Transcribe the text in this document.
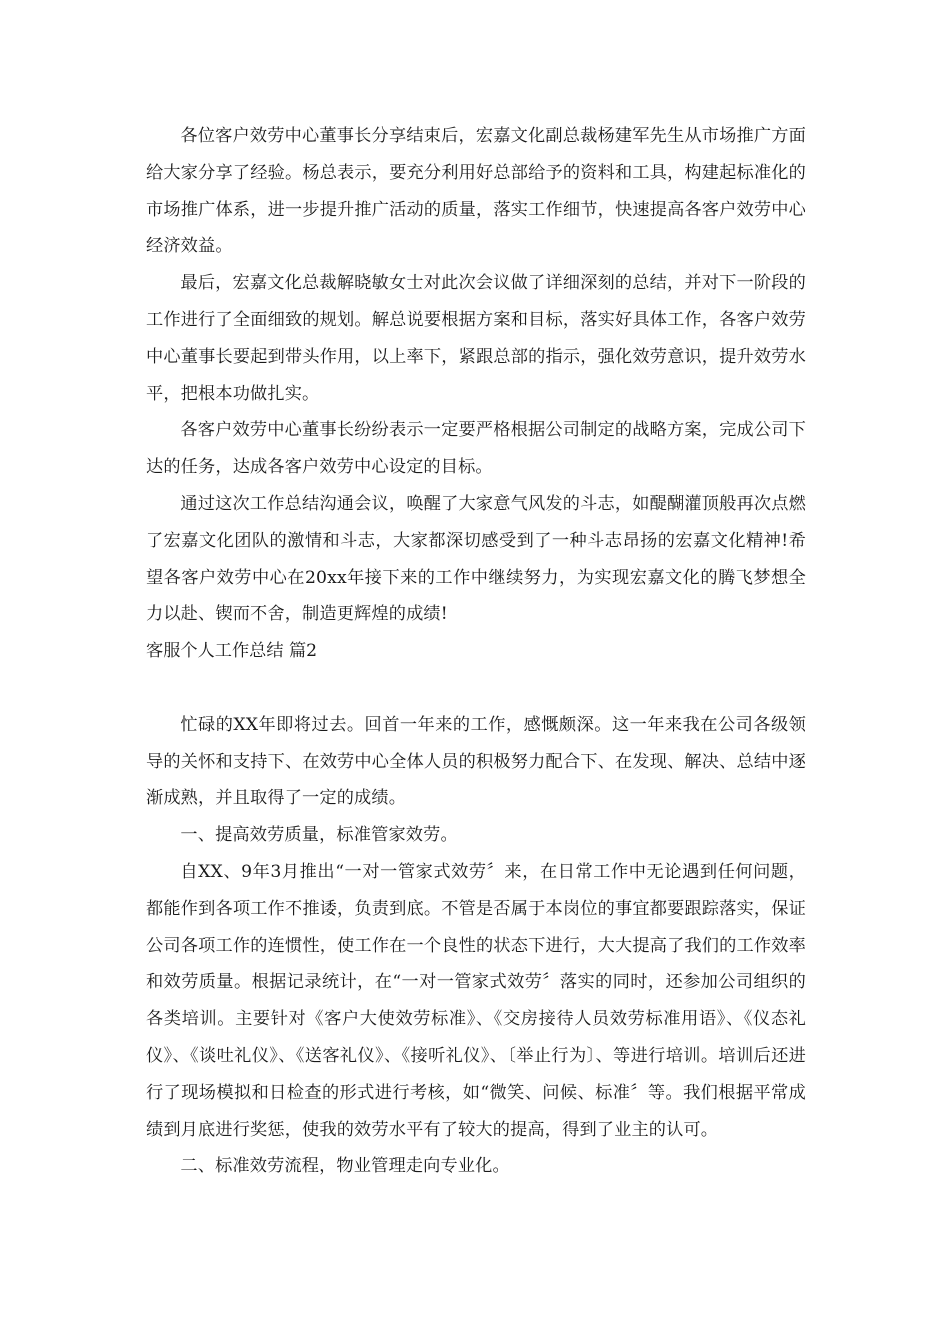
各位客户效劳中心董事长分享结束后，宏嘉文化副总裁杨建军先生从市场推广方面给大家分享了经验。杨总表示，要充分利用好总部给予的资料和工具，构建起标准化的市场推广体系，进一步提升推广活动的质量，落实工作细节，快速提高各客户效劳中心经济效益。

最后，宏嘉文化总裁解晓敏女士对此次会议做了详细深刻的总结，并对下一阶段的工作进行了全面细致的规划。解总说要根据方案和目标，落实好具体工作，各客户效劳中心董事长要起到带头作用，以上率下，紧跟总部的指示，强化效劳意识，提升效劳水平，把根本功做扎实。

各客户效劳中心董事长纷纷表示一定要严格根据公司制定的战略方案，完成公司下达的任务，达成各客户效劳中心设定的目标。

通过这次工作总结沟通会议，唤醒了大家意气风发的斗志，如醍醐灌顶般再次点燃了宏嘉文化团队的激情和斗志，大家都深切感受到了一种斗志昂扬的宏嘉文化精神!希望各客户效劳中心在20xx年接下来的工作中继续努力，为实现宏嘉文化的腾飞梦想全力以赴、锲而不舍，制造更辉煌的成绩!

客服个人工作总结 篇2

忙碌的XX年即将过去。回首一年来的工作，感慨颇深。这一年来我在公司各级领导的关怀和支持下、在效劳中心全体人员的积极努力配合下、在发现、解决、总结中逐渐成熟，并且取得了一定的成绩。

一、提高效劳质量，标准管家效劳。

自XX、9年3月推出“一对一管家式效劳〞来，在日常工作中无论遇到任何问题，都能作到各项工作不推诿，负责到底。不管是否属于本岗位的事宜都要跟踪落实，保证公司各项工作的连惯性，使工作在一个良性的状态下进行，大大提高了我们的工作效率和效劳质量。根据记录统计，在“一对一管家式效劳〞落实的同时，还参加公司组织的各类培训。主要针对《客户大使效劳标准》、《交房接待人员效劳标准用语》、《仪态礼仪》、《谈吐礼仪》、《送客礼仪》、《接听礼仪》、〔举止行为〕、等进行培训。培训后还进行了现场模拟和日检查的形式进行考核，如“微笑、问候、标准〞等。我们根据平常成绩到月底进行奖惩，使我的效劳水平有了较大的提高，得到了业主的认可。

二、标准效劳流程，物业管理走向专业化。
